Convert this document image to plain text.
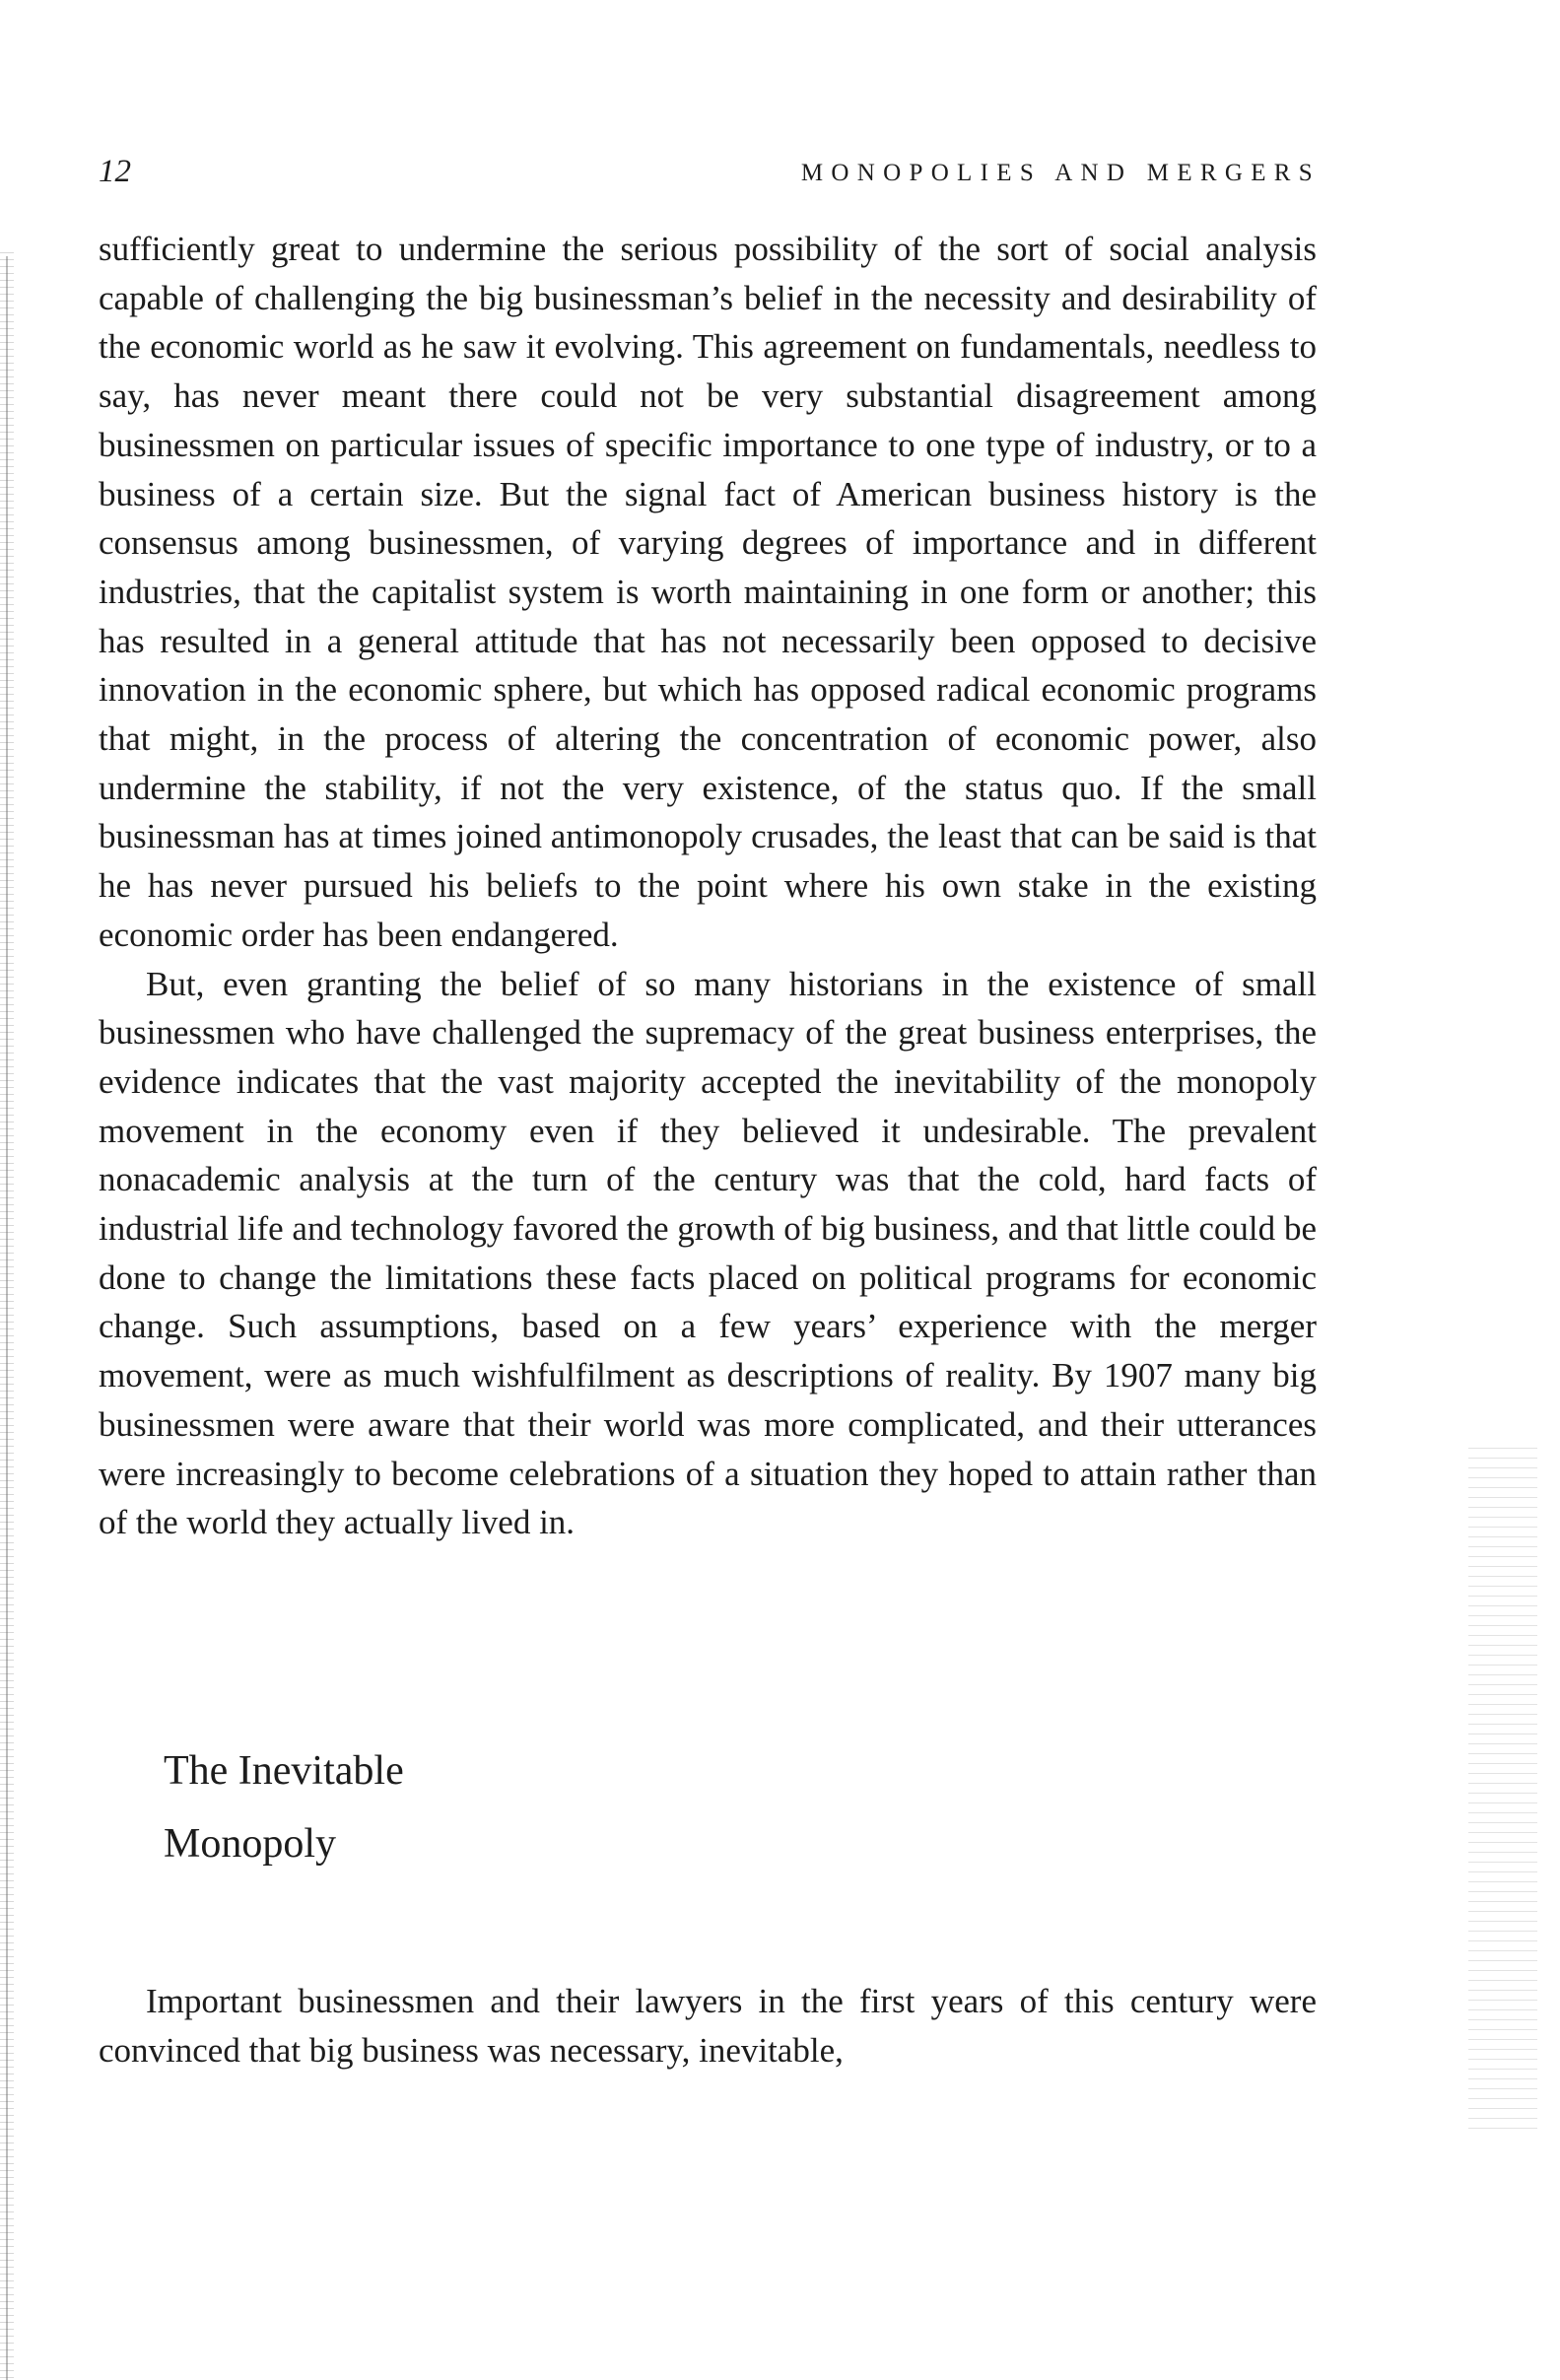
12	MONOPOLIES AND MERGERS

sufficiently great to undermine the serious possibility of the sort of social analysis capable of challenging the big businessman’s belief in the necessity and desirability of the economic world as he saw it evolving. This agreement on fundamentals, needless to say, has never meant there could not be very substantial disagreement among businessmen on particular issues of specific importance to one type of industry, or to a business of a certain size. But the signal fact of American business history is the consensus among businessmen, of varying degrees of importance and in different industries, that the capitalist system is worth maintaining in one form or another; this has resulted in a general attitude that has not necessarily been opposed to decisive innovation in the economic sphere, but which has opposed radical economic programs that might, in the process of altering the concentration of economic power, also undermine the stability, if not the very existence, of the status quo. If the small businessman has at times joined antimonopoly crusades, the least that can be said is that he has never pursued his beliefs to the point where his own stake in the existing economic order has been endangered.

But, even granting the belief of so many historians in the existence of small businessmen who have challenged the supremacy of the great business enterprises, the evidence indicates that the vast majority accepted the inevitability of the monopoly movement in the economy even if they believed it undesirable. The prevalent nonacademic analysis at the turn of the century was that the cold, hard facts of industrial life and technology favored the growth of big business, and that little could be done to change the limitations these facts placed on political programs for economic change. Such assumptions, based on a few years’ experience with the merger movement, were as much wishfulfilment as descriptions of reality. By 1907 many big businessmen were aware that their world was more complicated, and their utterances were increasingly to become celebrations of a situation they hoped to attain rather than of the world they actually lived in.

The Inevitable
Monopoly

Important businessmen and their lawyers in the first years of this century were convinced that big business was necessary, inevitable,
